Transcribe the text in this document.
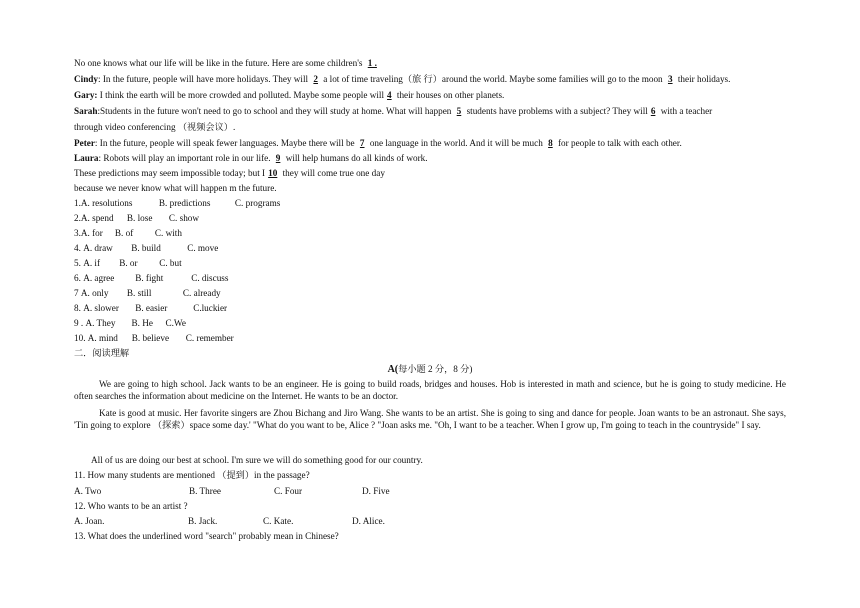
No one knows what our life will be like in the future. Here are some children's 1 .
Cindy: In the future, people will have more holidays. They will 2 a lot of time traveling（旅 行）around the world. Maybe some families will go to the moon 3 their holidays.
Gary: I think the earth will be more crowded and polluted. Maybe some people will 4 their houses on other planets.
Sarah:Students in the future won't need to go to school and they will study at home. What will happen 5 students have problems with a subject? They will 6 with a teacher
through video conferencing （视频会议）.
Peter: In the future, people will speak fewer languages. Maybe there will be 7 one language in the world. And it will be much 8 for people to talk with each other.
Laura: Robots will play an important role in our life. 9 will help humans do all kinds of work.
These predictions may seem impossible today; but I 10 they will come true one day
because we never know what will happen m the future.
1.A. resolutions	B. predictions	C. programs
2.A. spend B. lose C. show
3.A. for B. of C. with
4. A. draw B. build	C. move
5. A. if B. or C. but
6. A. agree B. fight	C. discuss
7 A. only B. still	C. already
8. A. slower B. easier	C.luckier
9 . A. They B. He C.We
10. A. mind B. believe C. remember
二．阅读理解
A(每小题 2 分，8 分)
We are going to high school. Jack wants to be an engineer. He is going to build roads, bridges and houses. Hob is interested in math and science, but he is going to study medicine. He often searches the information about medicine on the Internet. He wants to be an doctor.
Kate is good at music. Her favorite singers are Zhou Bichang and Jiro Wang. She wants to be an artist. She is going to sing and dance for people. Joan wants to be an astronaut. She says, 'Tin going to explore （探索）space some day.' "What do you want to be, Alice ? "Joan asks me. "Oh, I want to be a teacher. When I grow up, I'm going to teach in the countryside" I say.
All of us are doing our best at school. I'm sure we will do something good for our country.
11. How many students are mentioned （提到）in the passage?
A. Two	B. Three	C. Four	D. Five
12. Who wants to be an artist ?
A. Joan.	B. Jack.	C. Kate.	D. Alice.
13. What does the underlined word "search" probably mean in Chinese?
